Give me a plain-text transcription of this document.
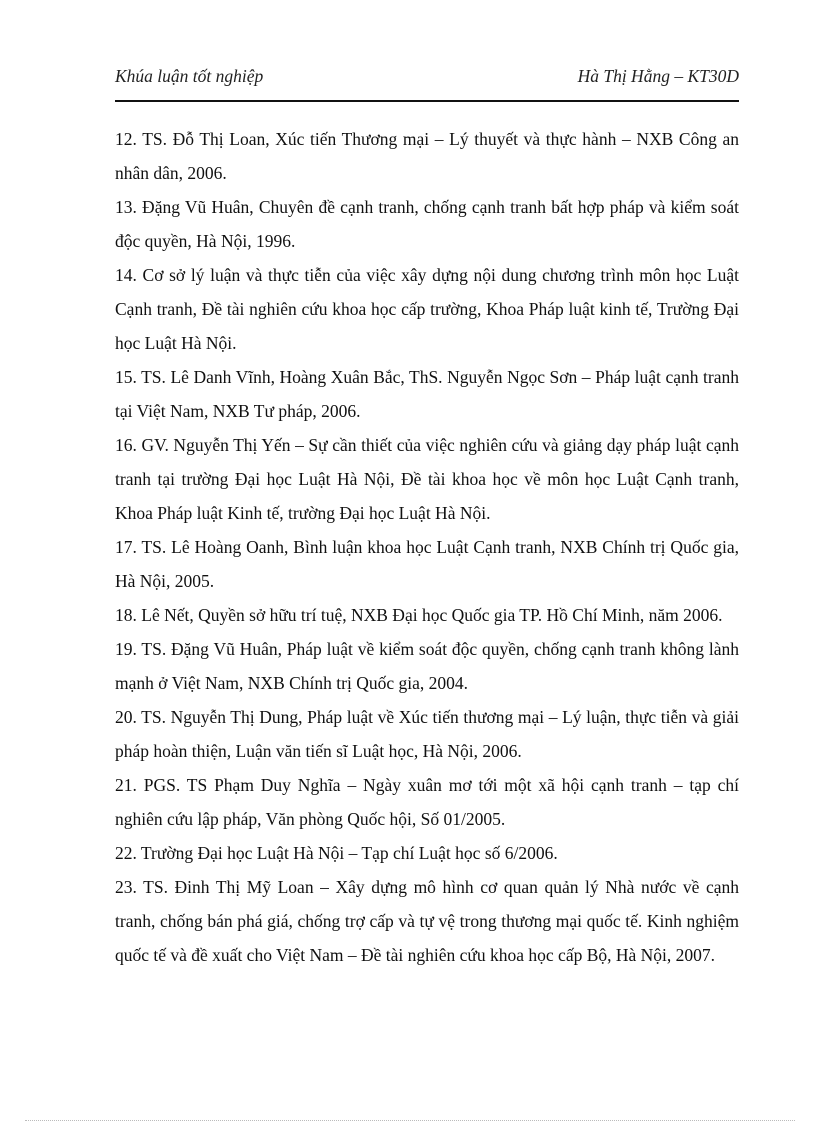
Khúa luận tốt nghiệp	Hà Thị Hằng – KT30D
12. TS. Đỗ Thị Loan, Xúc tiến Thương mại – Lý thuyết và thực hành – NXB Công an nhân dân, 2006.
13. Đặng Vũ Huân, Chuyên đề cạnh tranh, chống cạnh tranh bất hợp pháp và kiểm soát độc quyền, Hà Nội, 1996.
14. Cơ sở lý luận và thực tiễn của việc xây dựng nội dung chương trình môn học Luật Cạnh tranh, Đề tài nghiên cứu khoa học cấp trường, Khoa Pháp luật kinh tế, Trường Đại học Luật Hà Nội.
15. TS. Lê Danh Vĩnh, Hoàng Xuân Bắc, ThS. Nguyễn Ngọc Sơn – Pháp luật cạnh tranh tại Việt Nam, NXB Tư pháp, 2006.
16. GV. Nguyễn Thị Yến – Sự cần thiết của việc nghiên cứu và giảng dạy pháp luật cạnh tranh tại trường Đại học Luật Hà Nội, Đề tài khoa học về môn học Luật Cạnh tranh, Khoa Pháp luật Kinh tế, trường Đại học Luật Hà Nội.
17. TS. Lê Hoàng Oanh, Bình luận khoa học Luật Cạnh tranh, NXB Chính trị Quốc gia, Hà Nội, 2005.
18. Lê Nết, Quyền sở hữu trí tuệ, NXB Đại học Quốc gia TP. Hồ Chí Minh, năm 2006.
19. TS. Đặng Vũ Huân, Pháp luật về kiểm soát độc quyền, chống cạnh tranh không lành mạnh ở Việt Nam, NXB Chính trị Quốc gia, 2004.
20. TS. Nguyễn Thị Dung, Pháp luật về Xúc tiến thương mại – Lý luận, thực tiễn và giải pháp hoàn thiện, Luận văn tiến sĩ Luật học, Hà Nội, 2006.
21. PGS. TS Phạm Duy Nghĩa – Ngày xuân mơ tới một xã hội cạnh tranh – tạp chí nghiên cứu lập pháp, Văn phòng Quốc hội, Số 01/2005.
22. Trường Đại học Luật Hà Nội – Tạp chí Luật học số 6/2006.
23. TS. Đinh Thị Mỹ Loan – Xây dựng mô hình cơ quan quản lý Nhà nước về cạnh tranh, chống bán phá giá, chống trợ cấp và tự vệ trong thương mại quốc tế. Kinh nghiệm quốc tế và đề xuất cho Việt Nam – Đề tài nghiên cứu khoa học cấp Bộ, Hà Nội, 2007.
